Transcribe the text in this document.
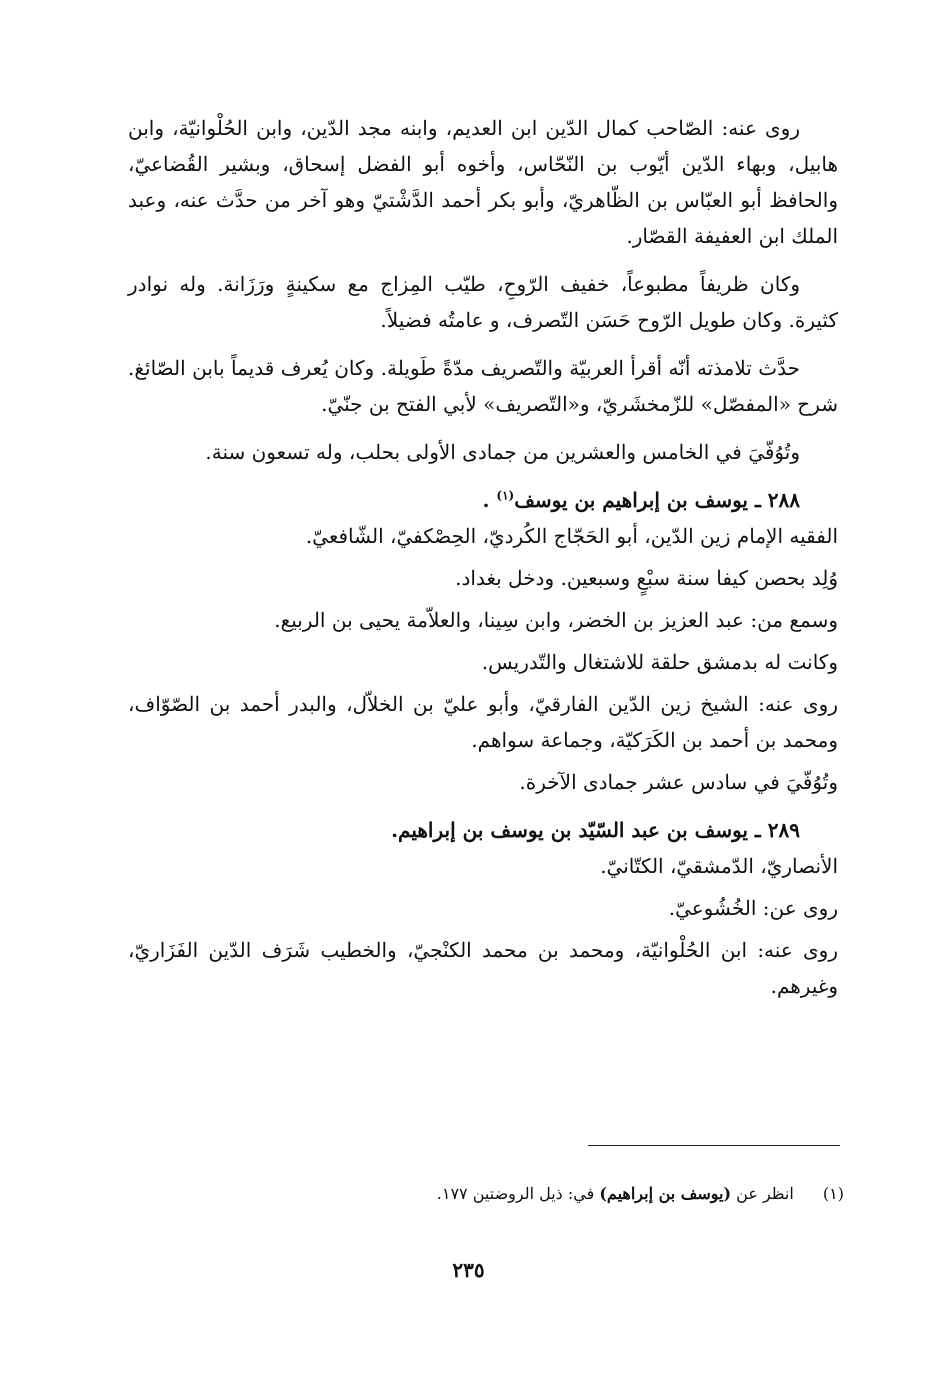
روى عنه: الصّاحب كمال الدّين ابن العديم، وابنه مجد الدّين، وابن الحُلْوانيّة، وابن هابيل، وبهاء الدّين أيّوب بن النّحّاس، وأخوه أبو الفضل إسحاق، وبشير القُضاعيّ، والحافظ أبو العبّاس بن الظّاهريّ، وأبو بكر أحمد الدَّشْتيّ وهو آخر من حدَّث عنه، وعبد الملك ابن العفيفة القصّار.

وكان ظريفاً مطبوعاً، خفيف الرّوحِ، طيّب المِزاج مع سكينةٍ ورَزَانة. وله نوادر كثيرة. وكان طويل الرّوح حَسَن التّصرف، و عامتُه فضيلاً.

حدَّث تلامذته أنّه أقرأ العربيّة والتّصريف مدّةً طَويلة. وكان يُعرف قديماً بابن الصّائغ. شرح «المفصّل» للزّمخشَريّ، و«التّصريف» لأبي الفتح بن جنّيّ.

وتُوُفّيَ في الخامس والعشرين من جمادى الأولى بحلب، وله تسعون سنة.

٢٨٨ ـ يوسف بن إبراهيم بن يوسف$^{(١)}$ .

الفقيه الإمام زين الدّين، أبو الحَجّاج الكُرديّ، الحِصْكفيّ، الشّافعيّ.

وُلِد بحصن كيفا سنة سبْعٍ وسبعين. ودخل بغداد.

وسمع من: عبد العزيز بن الخضر، وابن سِينا، والعلاّمة يحيى بن الربيع.

وكانت له بدمشق حلقة للاشتغال والتّدريس.

روى عنه: الشيخ زين الدّين الفارقيّ، وأبو عليّ بن الخلاّل، والبدر أحمد بن الصّوّاف، ومحمد بن أحمد بن الكَرَكيّة، وجماعة سواهم.

وتُوُفّيَ في سادس عشر جمادى الآخرة.

٢٨٩ ـ يوسف بن عبد السّيّد بن يوسف بن إبراهيم.

الأنصاريّ، الدّمشقيّ، الكتّانيّ.

روى عن: الخُشُوعيّ.

روى عنه: ابن الحُلْوانيّة، ومحمد بن محمد الكنْجيّ، والخطيب شَرَف الدّين الفَزَاريّ، وغيرهم.

(١) انظر عن (يوسف بن إبراهيم) في: ذيل الروضتين ١٧٧.
٢٣٥
